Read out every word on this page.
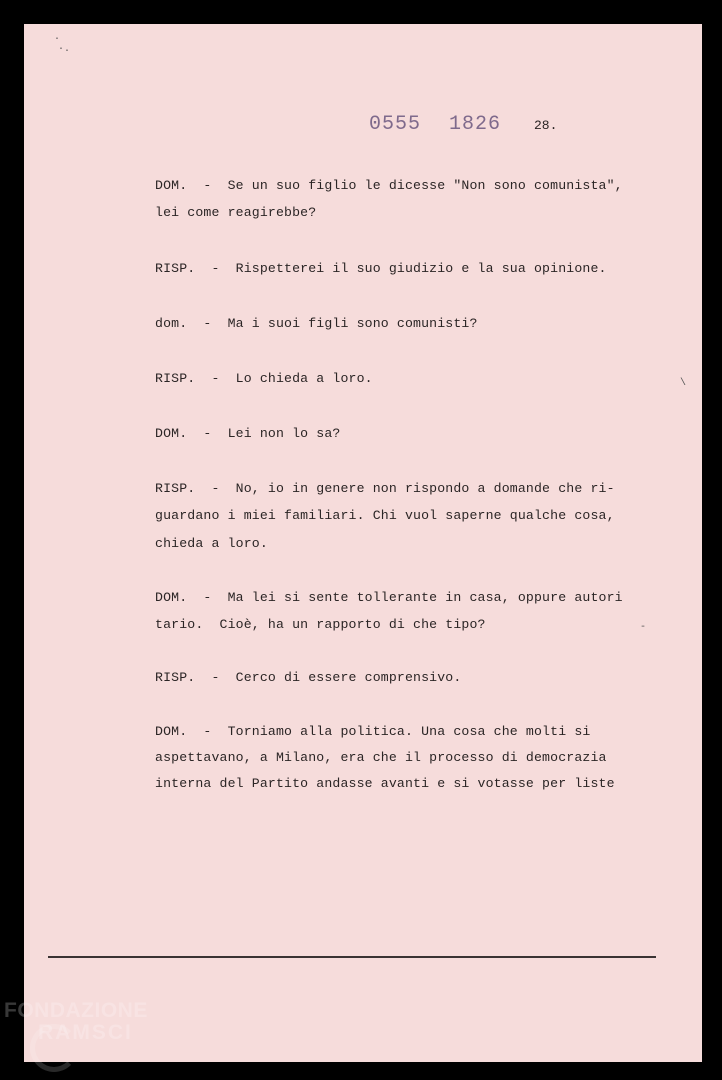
·
·.
0555 1826	28.
DOM.  -  Se un suo figlio le dicesse "Non sono comunista",
lei come reagirebbe?
RISP.  -  Rispetterei il suo giudizio e la sua opinione.
dom.  -  Ma i suoi figli sono comunisti?
RISP.  -  Lo chieda a loro.
DOM.  -  Lei non lo sa?
RISP.  -  No, io in genere non rispondo a domande che ri-
guardano i miei familiari. Chi vuol saperne qualche cosa,
chieda a loro.
DOM.  -  Ma lei si sente tollerante in casa, oppure autori
tario.  Cioè, ha un rapporto di che tipo?
RISP.  -  Cerco di essere comprensivo.
DOM.  -  Torniamo alla politica. Una cosa che molti si
aspettavano, a Milano, era che il processo di democrazia
interna del Partito andasse avanti e si votasse per liste
\
-
FONDAZIONE
RAMSCI
